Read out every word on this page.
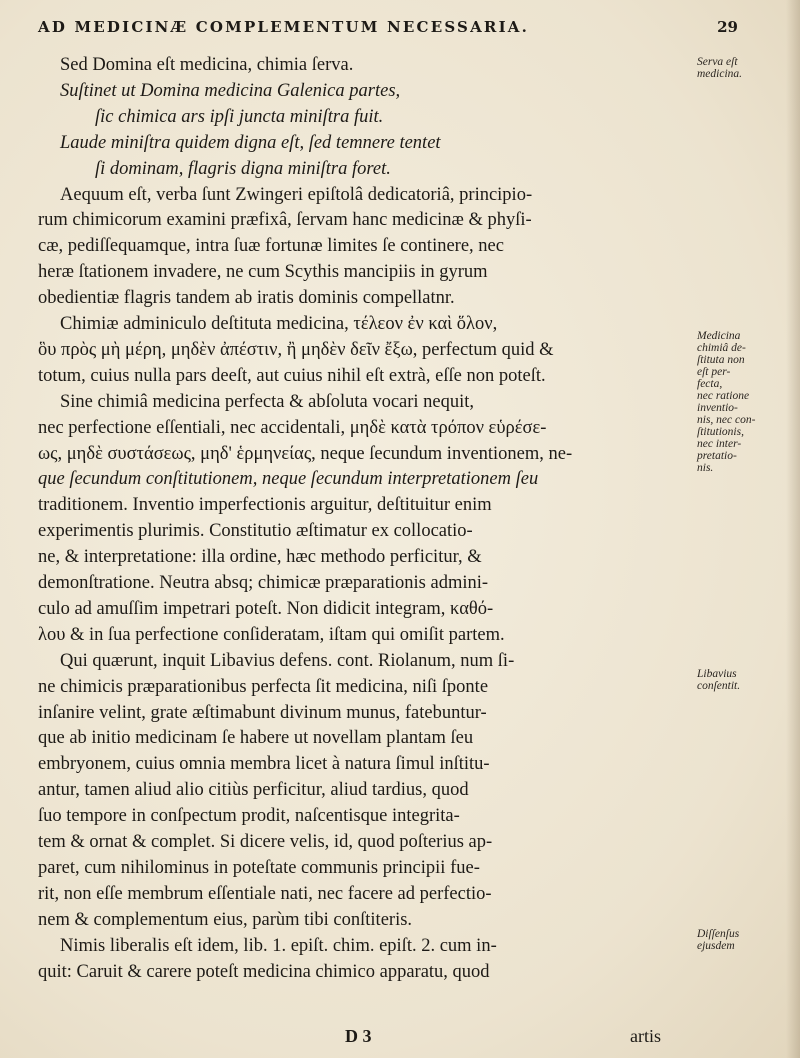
AD MEDICINÆ COMPLEMENTUM NECESSARIA.	29
Sed Domina eſt medicina, chimia ſerva.
Suſtinet ut Domina medicina Galenica partes,
ſic chimica ars ipſi juncta miniſtra fuit.
Laude miniſtra quidem digna eſt, ſed temnere tentet
ſi dominam, flagris digna miniſtra foret.
Aequum eſt, verba ſunt Zwingeri epiſtolâ dedicatoriâ, principio-
rum chimicorum examini præfixâ, ſervam hanc medicinæ & phyſi-
cæ, pediſſequamque, intra ſuæ fortunæ limites ſe continere, nec
heræ ſtationem invadere, ne cum Scythis mancipiis in gyrum
obedientiæ flagris tandem ab iratis dominis compellatnr.
Chimiæ adminiculo deſtituta medicina, τέλεον ἐν καὶ ὅλον,
ὃυ πρὸς μὴ μέρη, μηδὲν ἀπέστιν, ἢ μηδὲν δεῖν ἔξω, perfectum quid &
totum, cuius nulla pars deeſt, aut cuius nihil eſt extrà, eſſe non poteſt.
Sine chimiâ medicina perfecta & abſoluta vocari nequit,
nec perfectione eſſentiali, nec accidentali, μηδὲ κατὰ τρόπον εὑρέσε-
ως, μηδὲ συστάσεως, μηδ' ἑρμηνείας, neque ſecundum inventionem, ne-
que ſecundum conſtitutionem, neque ſecundum interpretationem ſeu
traditionem. Inventio imperfectionis arguitur, deſtituitur enim
experimentis plurimis. Constitutio æſtimatur ex collocatio-
ne, & interpretatione: illa ordine, hæc methodo perficitur, &
demonſtratione. Neutra absq; chimicæ præparationis admini-
culo ad amuſſim impetrari poteſt. Non didicit integram, καθό-
λου & in ſua perfectione conſideratam, iſtam qui omiſit partem.
Qui quærunt, inquit Libavius defens. cont. Riolanum, num ſi-
ne chimicis præparationibus perfecta ſit medicina, niſi ſponte
inſanire velint, grate æſtimabunt divinum munus, fatebuntur-
que ab initio medicinam ſe habere ut novellam plantam ſeu
embryonem, cuius omnia membra licet à natura ſimul inſtitu-
antur, tamen aliud alio citiùs perficitur, aliud tardius, quod
ſuo tempore in conſpectum prodit, naſcentisque integrita-
tem & ornat & complet. Si dicere velis, id, quod poſterius ap-
paret, cum nihilominus in poteſtate communis principii fue-
rit, non eſſe membrum eſſentiale nati, nec facere ad perfectio-
nem & complementum eius, parùm tibi conſtiteris.
Nimis liberalis eſt idem, lib. 1. epiſt. chim. epiſt. 2. cum in-
quit: Caruit & carere poteſt medicina chimico apparatu, quod
Serva eſt
medicina.
Medicina
chimiâ de-
ſtituta non
eſt per-
fecta,
nec ratione
inventio-
nis, nec con-
ſtitutionis,
nec inter-
pretatio-
nis.
Libavius
conſentit.
Diſſenſus
ejusdem
D 3	artis
